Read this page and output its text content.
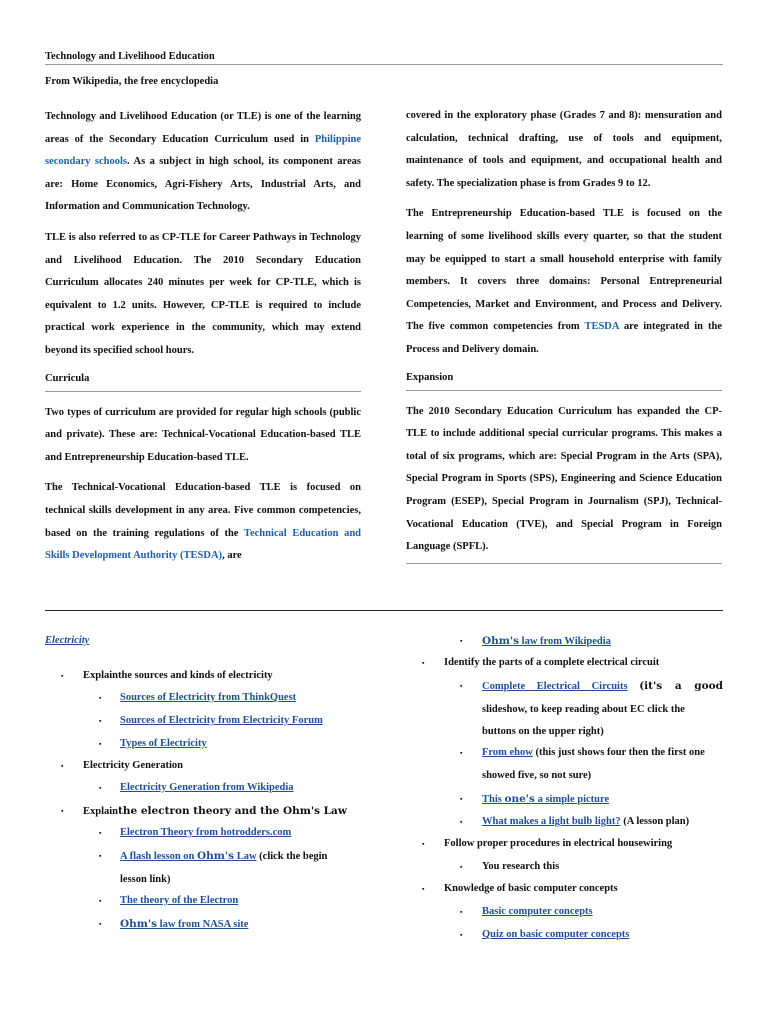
Technology and Livelihood Education
From Wikipedia, the free encyclopedia

Technology and Livelihood Education (or TLE) is one of the learning areas of the Secondary Education Curriculum used in Philippine secondary schools. As a subject in high school, its component areas are: Home Economics, Agri-Fishery Arts, Industrial Arts, and Information and Communication Technology.

TLE is also referred to as CP-TLE for Career Pathways in Technology and Livelihood Education. The 2010 Secondary Education Curriculum allocates 240 minutes per week for CP-TLE, which is equivalent to 1.2 units. However, CP-TLE is required to include practical work experience in the community, which may extend beyond its specified school hours.

Curricula

Two types of curriculum are provided for regular high schools (public and private). These are: Technical-Vocational Education-based TLE and Entrepreneurship Education-based TLE.

The Technical-Vocational Education-based TLE is focused on technical skills development in any area. Five common competencies, based on the training regulations of the Technical Education and Skills Development Authority (TESDA), are

covered in the exploratory phase (Grades 7 and 8): mensuration and calculation, technical drafting, use of tools and equipment, maintenance of tools and equipment, and occupational health and safety. The specialization phase is from Grades 9 to 12.

The Entrepreneurship Education-based TLE is focused on the learning of some livelihood skills every quarter, so that the student may be equipped to start a small household enterprise with family members. It covers three domains: Personal Entrepreneurial Competencies, Market and Environment, and Process and Delivery. The five common competencies from TESDA are integrated in the Process and Delivery domain.

Expansion

The 2010 Secondary Education Curriculum has expanded the CP-TLE to include additional special curricular programs. This makes a total of six programs, which are: Special Program in the Arts (SPA), Special Program in Sports (SPS), Engineering and Science Education Program (ESEP), Special Program in Journalism (SPJ), Technical-Vocational Education (TVE), and Special Program in Foreign Language (SPFL).

Electricity
▪ Explainthe sources and kinds of electricity
▪ Sources of Electricity from ThinkQuest
▪ Sources of Electricity from Electricity Forum
▪ Types of Electricity
▪ Electricity Generation
▪ Electricity Generation from Wikipedia
▪ Explainthe electron theory and the Ohm's Law
▪ Electron Theory from hotrodders.com
▪ A flash lesson on Ohm's Law (click the begin
lesson link)
▪ The theory of the Electron
▪ Ohm's law from NASA site
▪ Ohm's law from Wikipedia
▪ Identify the parts of a complete electrical circuit
▪ Complete Electrical Circuits (it's a good
slideshow, to keep reading about EC click the
buttons on the upper right)
▪ From ehow (this just shows four then the first one
showed five, so not sure)
▪ This one's a simple picture
▪ What makes a light bulb light? (A lesson plan)
▪ Follow proper procedures in electrical housewiring
▪ You research this
▪ Knowledge of basic computer concepts
▪ Basic computer concepts
▪ Quiz on basic computer concepts
